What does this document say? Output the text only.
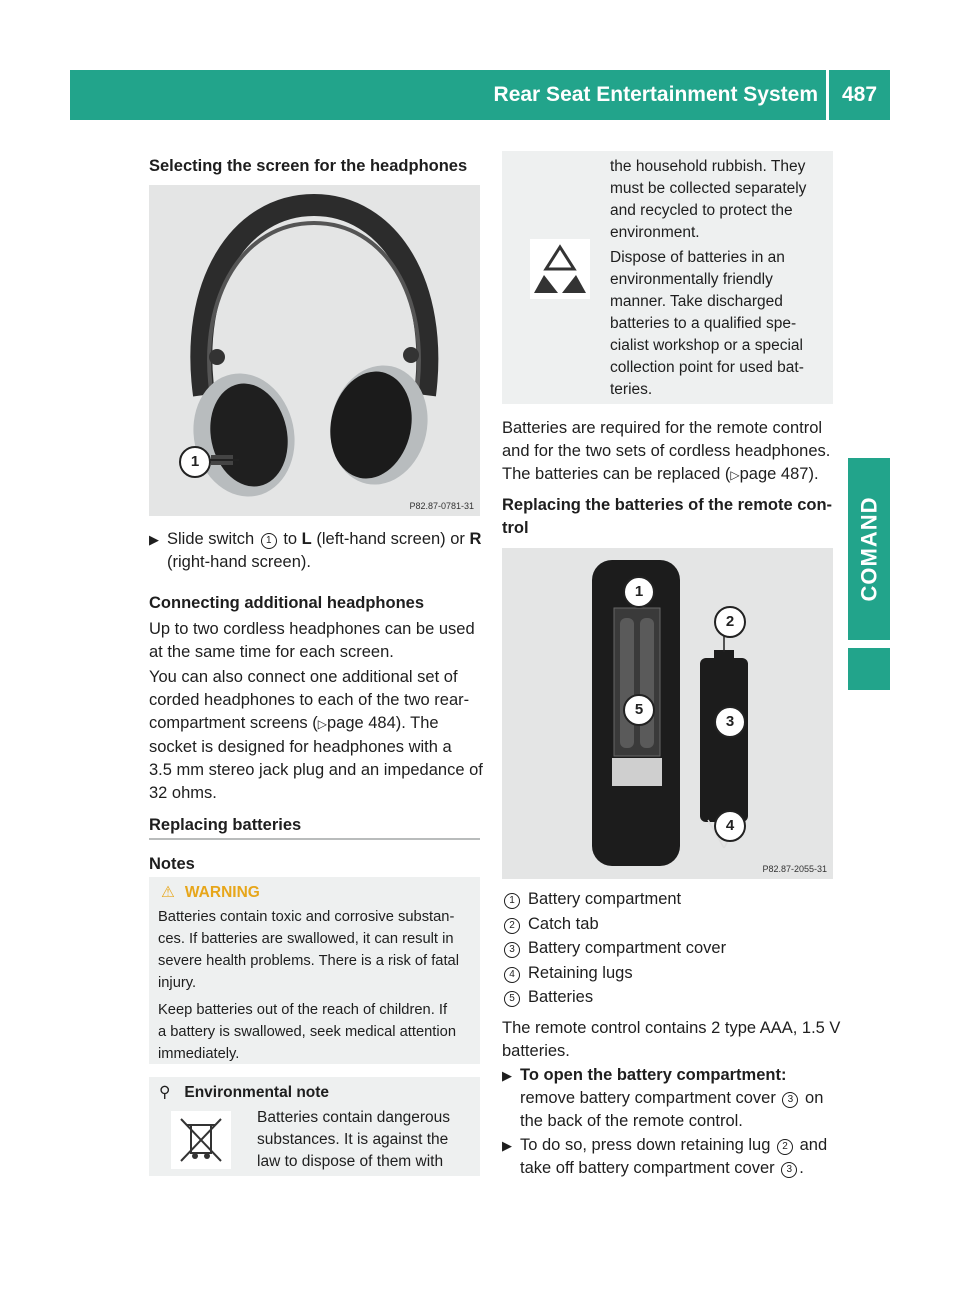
Rear Seat Entertainment System	487
COMAND
Selecting the screen for the headphones
1
P82.87-0781-31
▶ Slide switch 1 to L (left-hand screen) or R
(right-hand screen).
Connecting additional headphones
Up to two cordless headphones can be used
at the same time for each screen.
You can also connect one additional set of
corded headphones to each of the two rear-
compartment screens (▷page 484). The
socket is designed for headphones with a
3.5 mm stereo jack plug and an impedance of
32 ohms.
Replacing batteries
Notes
⚠ WARNING
Batteries contain toxic and corrosive substan-
ces. If batteries are swallowed, it can result in
severe health problems. There is a risk of fatal
injury.
Keep batteries out of the reach of children. If
a battery is swallowed, seek medical attention
immediately.
⚲ Environmental note
Batteries contain dangerous
substances. It is against the
law to dispose of them with
the household rubbish. They
must be collected separately
and recycled to protect the
environment.
Dispose of batteries in an
environmentally friendly
manner. Take discharged
batteries to a qualified spe-
cialist workshop or a special
collection point for used bat-
teries.
Batteries are required for the remote control
and for the two sets of cordless headphones.
The batteries can be replaced (▷page 487).
Replacing the batteries of the remote con-
trol
1
2
3
4
5
P82.87-2055-31
1 Battery compartment
2 Catch tab
3 Battery compartment cover
4 Retaining lugs
5 Batteries
The remote control contains 2 type AAA, 1.5 V
batteries.
▶ To open the battery compartment:
remove battery compartment cover 3 on
the back of the remote control.
▶ To do so, press down retaining lug 2 and
take off battery compartment cover 3 .
